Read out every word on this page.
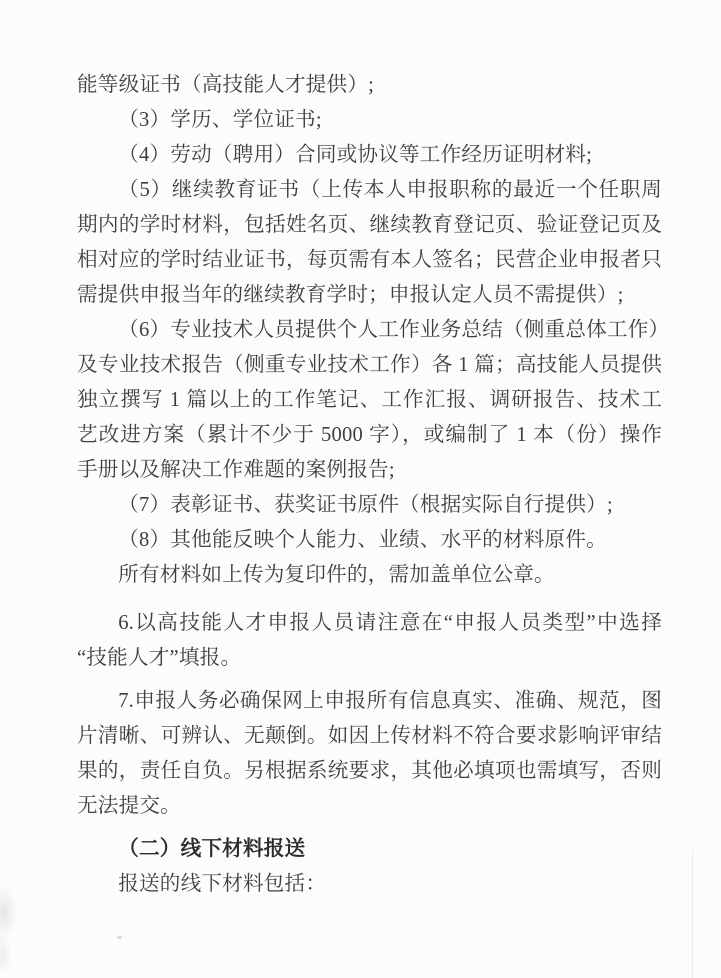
能等级证书（高技能人才提供）;
（3）学历、学位证书;
（4）劳动（聘用）合同或协议等工作经历证明材料;
（5）继续教育证书（上传本人申报职称的最近一个任职周
期内的学时材料，包括姓名页、继续教育登记页、验证登记页及
相对应的学时结业证书，每页需有本人签名；民营企业申报者只
需提供申报当年的继续教育学时；申报认定人员不需提供）;
（6）专业技术人员提供个人工作业务总结（侧重总体工作）
及专业技术报告（侧重专业技术工作）各 1 篇；高技能人员提供
独立撰写 1 篇以上的工作笔记、工作汇报、调研报告、技术工
艺改进方案（累计不少于 5000 字），或编制了 1 本（份）操作
手册以及解决工作难题的案例报告;
（7）表彰证书、获奖证书原件（根据实际自行提供）;
（8）其他能反映个人能力、业绩、水平的材料原件。
所有材料如上传为复印件的，需加盖单位公章。
6.以高技能人才申报人员请注意在“申报人员类型”中选择
“技能人才”填报。
7.申报人务必确保网上申报所有信息真实、准确、规范，图
片清晰、可辨认、无颠倒。如因上传材料不符合要求影响评审结
果的，责任自负。另根据系统要求，其他必填项也需填写，否则
无法提交。
（二）线下材料报送
报送的线下材料包括：
